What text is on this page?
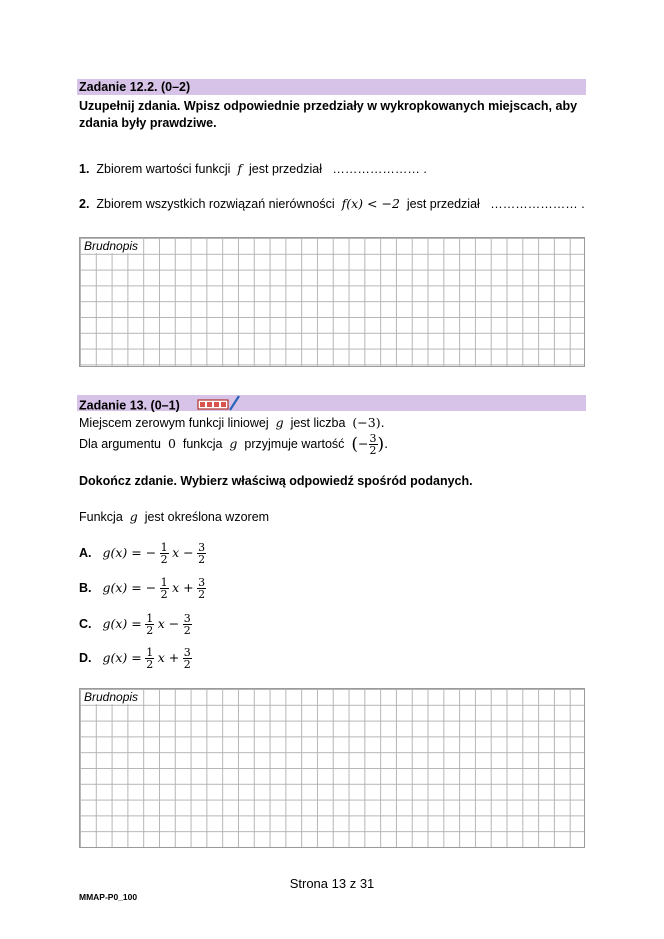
Zadanie 12.2. (0–2)
Uzupełnij zdania. Wpisz odpowiednie przedziały w wykropkowanych miejscach, aby zdania były prawdziwe.
1. Zbiorem wartości funkcji f jest przedział ………………… .
2. Zbiorem wszystkich rozwiązań nierówności f(x) < −2 jest przedział ………………… .
Brudnopis
Zadanie 13. (0–1)
Miejscem zerowym funkcji liniowej g jest liczba (−3).
Dla argumentu 0 funkcja g przyjmuje wartość (− $\frac{3}{2}$ ).
Dokończ zdanie. Wybierz właściwą odpowiedź spośród podanych.
Funkcja g jest określona wzorem
A. g(x) = − $\frac{1}{2}$ $x - \frac{3}{2}$
B. g(x) = − $\frac{1}{2}$ $x + \frac{3}{2}$
C. $g(x) = \frac{1}{2}$ $x - \frac{3}{2}$
D. $g(x) = \frac{1}{2}$ $x + \frac{3}{2}$
Brudnopis
Strona 13 z 31
MMAP-P0_100
